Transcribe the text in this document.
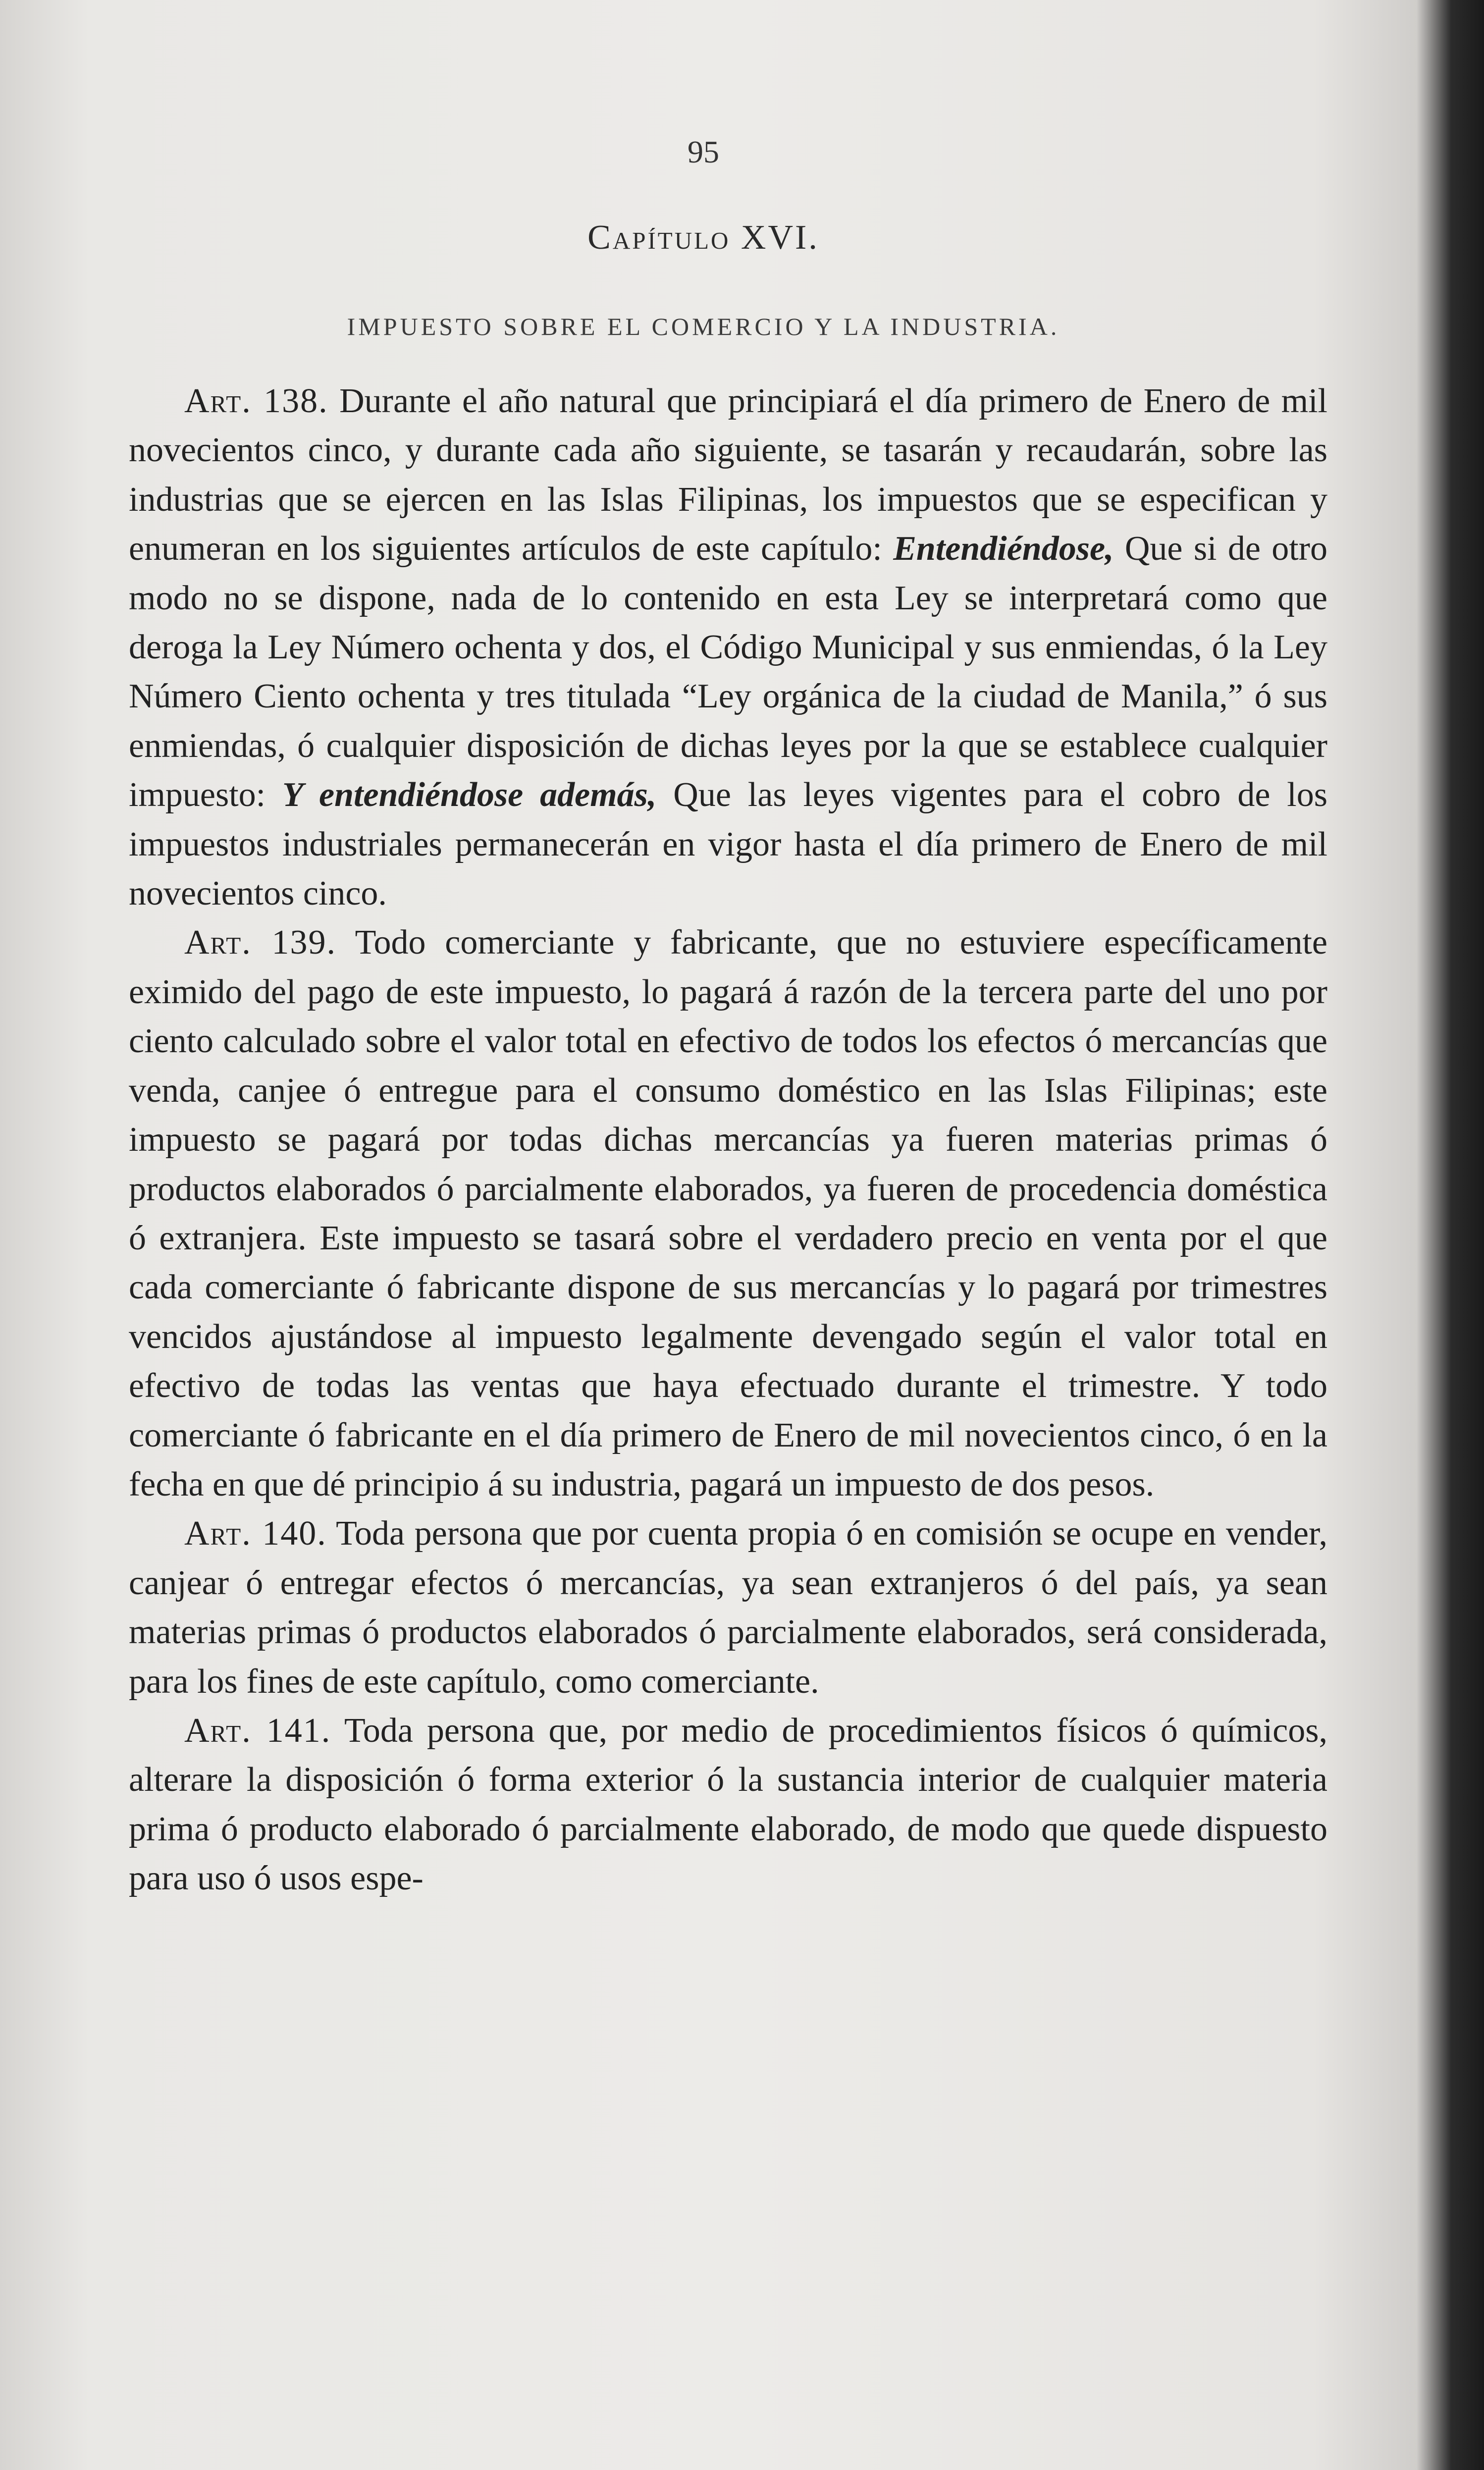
95
Capítulo XVI.
IMPUESTO SOBRE EL COMERCIO Y LA INDUSTRIA.

Art. 138. Durante el año natural que principiará el día primero de Enero de mil novecientos cinco, y durante cada año siguiente, se tasarán y recaudarán, sobre las industrias que se ejercen en las Islas Filipinas, los impuestos que se especifican y enumeran en los siguientes artículos de este capítulo: Entendiéndose, Que si de otro modo no se dispone, nada de lo contenido en esta Ley se interpretará como que deroga la Ley Número ochenta y dos, el Código Municipal y sus enmiendas, ó la Ley Número Ciento ochenta y tres titulada “Ley orgánica de la ciudad de Manila,” ó sus enmiendas, ó cualquier disposición de dichas leyes por la que se establece cualquier impuesto: Y entendiéndose además, Que las leyes vigentes para el cobro de los impuestos industriales permanecerán en vigor hasta el día primero de Enero de mil novecientos cinco.

Art. 139. Todo comerciante y fabricante, que no estuviere específicamente eximido del pago de este impuesto, lo pagará á razón de la tercera parte del uno por ciento calculado sobre el valor total en efectivo de todos los efectos ó mercancías que venda, canjee ó entregue para el consumo doméstico en las Islas Filipinas; este impuesto se pagará por todas dichas mercancías ya fueren materias primas ó productos elaborados ó parcialmente elaborados, ya fueren de procedencia doméstica ó extranjera. Este impuesto se tasará sobre el verdadero precio en venta por el que cada comerciante ó fabricante dispone de sus mercancías y lo pagará por trimestres vencidos ajustándose al impuesto legalmente devengado según el valor total en efectivo de todas las ventas que haya efectuado durante el trimestre. Y todo comerciante ó fabricante en el día primero de Enero de mil novecientos cinco, ó en la fecha en que dé principio á su industria, pagará un impuesto de dos pesos.

Art. 140. Toda persona que por cuenta propia ó en comisión se ocupe en vender, canjear ó entregar efectos ó mercancías, ya sean extranjeros ó del país, ya sean materias primas ó productos elaborados ó parcialmente elaborados, será considerada, para los fines de este capítulo, como comerciante.

Art. 141. Toda persona que, por medio de procedimientos físicos ó químicos, alterare la disposición ó forma exterior ó la sustancia interior de cualquier materia prima ó producto elaborado ó parcialmente elaborado, de modo que quede dispuesto para uso ó usos espe-
